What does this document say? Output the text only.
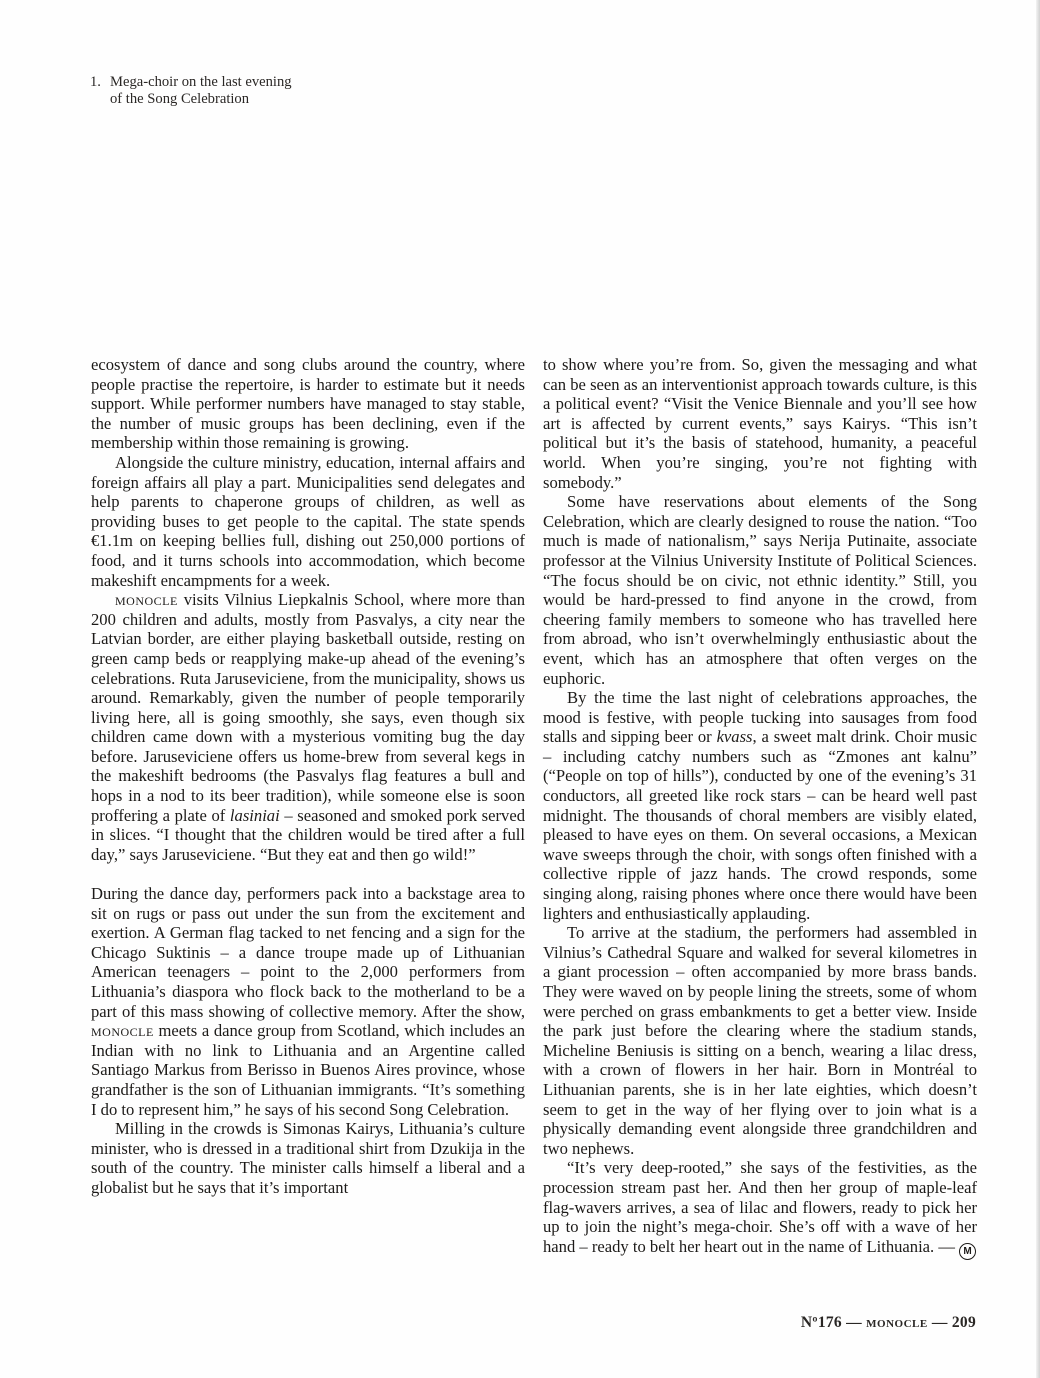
1. Mega-choir on the last evening
of the Song Celebration

ecosystem of dance and song clubs around the country, where people practise the repertoire, is harder to estimate but it needs support. While performer numbers have managed to stay stable, the number of music groups has been declining, even if the membership within those remaining is growing.

Alongside the culture ministry, education, internal affairs and foreign affairs all play a part. Municipalities send delegates and help parents to chaperone groups of children, as well as providing buses to get people to the capital. The state spends €1.1m on keeping bellies full, dishing out 250,000 portions of food, and it turns schools into accommodation, which become makeshift encampments for a week.

monocle visits Vilnius Liepkalnis School, where more than 200 children and adults, mostly from Pasvalys, a city near the Latvian border, are either playing basketball outside, resting on green camp beds or reapplying make-up ahead of the evening’s celebrations. Ruta Jaruseviciene, from the municipality, shows us around. Remarkably, given the number of people temporarily living here, all is going smoothly, she says, even though six children came down with a mysterious vomiting bug the day before. Jaruseviciene offers us home-brew from several kegs in the makeshift bedrooms (the Pasvalys flag features a bull and hops in a nod to its beer tradition), while someone else is soon proffering a plate of lasiniai – seasoned and smoked pork served in slices. “I thought that the children would be tired after a full day,” says Jaruseviciene. “But they eat and then go wild!”

During the dance day, performers pack into a backstage area to sit on rugs or pass out under the sun from the excitement and exertion. A German flag tacked to net fencing and a sign for the Chicago Suktinis – a dance troupe made up of Lithuanian American teenagers – point to the 2,000 performers from Lithuania’s diaspora who flock back to the motherland to be a part of this mass showing of collective memory. After the show, monocle meets a dance group from Scotland, which includes an Indian with no link to Lithuania and an Argentine called Santiago Markus from Berisso in Buenos Aires province, whose grandfather is the son of Lithuanian immigrants. “It’s something I do to represent him,” he says of his second Song Celebration.

Milling in the crowds is Simonas Kairys, Lithuania’s culture minister, who is dressed in a traditional shirt from Dzukija in the south of the country. The minister calls himself a liberal and a globalist but he says that it’s important

to show where you’re from. So, given the messaging and what can be seen as an interventionist approach towards culture, is this a political event? “Visit the Venice Biennale and you’ll see how art is affected by current events,” says Kairys. “This isn’t political but it’s the basis of statehood, humanity, a peaceful world. When you’re singing, you’re not fighting with somebody.”

Some have reservations about elements of the Song Celebration, which are clearly designed to rouse the nation. “Too much is made of nationalism,” says Nerija Putinaite, associate professor at the Vilnius University Institute of Political Sciences. “The focus should be on civic, not ethnic identity.” Still, you would be hard-pressed to find anyone in the crowd, from cheering family members to someone who has travelled here from abroad, who isn’t overwhelmingly enthusiastic about the event, which has an atmosphere that often verges on the euphoric.

By the time the last night of celebrations approaches, the mood is festive, with people tucking into sausages from food stalls and sipping beer or kvass, a sweet malt drink. Choir music – including catchy numbers such as “Zmones ant kalnu” (“People on top of hills”), conducted by one of the evening’s 31 conductors, all greeted like rock stars – can be heard well past midnight. The thousands of choral members are visibly elated, pleased to have eyes on them. On several occasions, a Mexican wave sweeps through the choir, with songs often finished with a collective ripple of jazz hands. The crowd responds, some singing along, raising phones where once there would have been lighters and enthusiastically applauding.

To arrive at the stadium, the performers had assembled in Vilnius’s Cathedral Square and walked for several kilometres in a giant procession – often accompanied by more brass bands. They were waved on by people lining the streets, some of whom were perched on grass embankments to get a better view. Inside the park just before the clearing where the stadium stands, Micheline Beniusis is sitting on a bench, wearing a lilac dress, with a crown of flowers in her hair. Born in Montréal to Lithuanian parents, she is in her late eighties, which doesn’t seem to get in the way of her flying over to join what is a physically demanding event alongside three grandchildren and two nephews.

“It’s very deep-rooted,” she says of the festivities, as the procession stream past her. And then her group of maple-leaf flag-wavers arrives, a sea of lilac and flowers, ready to pick her up to join the night’s mega-choir. She’s off with a wave of her hand – ready to belt her heart out in the name of Lithuania. — M

Nº176 — monocle — 209
